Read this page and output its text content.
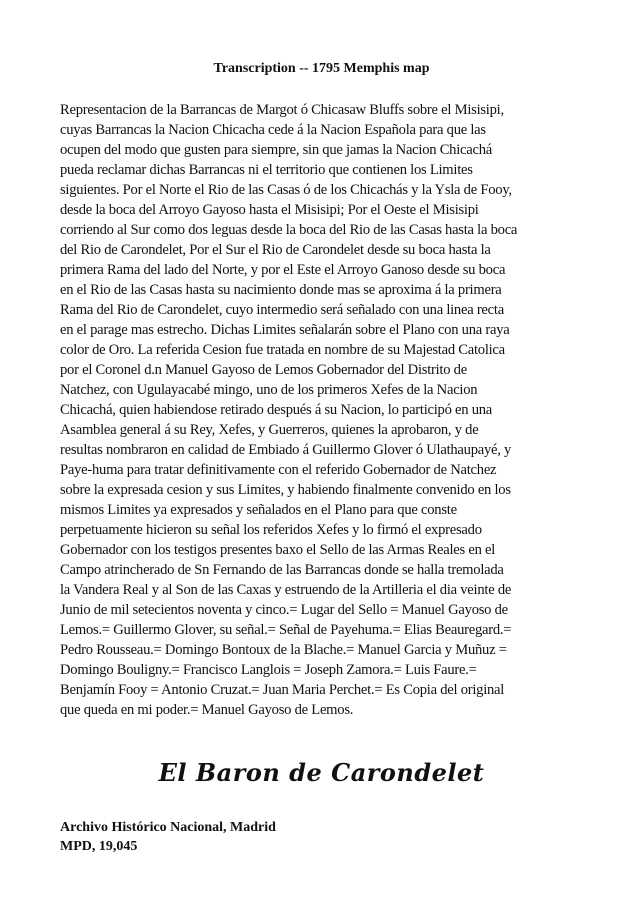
Transcription -- 1795 Memphis map
Representacion de la Barrancas de Margot ó Chicasaw Bluffs sobre el Misisipi,
cuyas Barrancas la Nacion Chicacha cede á la Nacion Española para que las
ocupen del modo que gusten para siempre, sin que jamas la Nacion Chicachá
pueda reclamar dichas Barrancas ni el territorio que contienen los Limites
siguientes. Por el Norte el Rio de las Casas ó de los Chicachás y la Ysla de Fooy,
desde la boca del Arroyo Gayoso hasta el Misisipi; Por el Oeste el Misisipi
corriendo al Sur como dos leguas desde la boca del Rio de las Casas hasta la boca
del Rio de Carondelet, Por el Sur el Rio de Carondelet desde su boca hasta la
primera Rama del lado del Norte, y por el Este el Arroyo Ganoso desde su boca
en el Rio de las Casas hasta su nacimiento donde mas se aproxima á la primera
Rama del Rio de Carondelet, cuyo intermedio será señalado con una linea recta
en el parage mas estrecho. Dichas Limites señalarán sobre el Plano con una raya
color de Oro. La referida Cesion fue tratada en nombre de su Majestad Catolica
por el Coronel d.n Manuel Gayoso de Lemos Gobernador del Distrito de
Natchez, con Ugulayacabé mingo, uno de los primeros Xefes de la Nacion
Chicachá, quien habiendose retirado después á su Nacion, lo participó en una
Asamblea general á su Rey, Xefes, y Guerreros, quienes la aprobaron, y de
resultas nombraron en calidad de Embiado á Guillermo Glover ó Ulathaupayé, y
Paye-huma para tratar definitivamente con el referido Gobernador de Natchez
sobre la expresada cesion y sus Limites, y habiendo finalmente convenido en los
mismos Limites ya expresados y señalados en el Plano para que conste
perpetuamente hicieron su señal los referidos Xefes y lo firmó el expresado
Gobernador con los testigos presentes baxo el Sello de las Armas Reales en el
Campo atrincherado de Sn Fernando de las Barrancas donde se halla tremolada
la Vandera Real y al Son de las Caxas y estruendo de la Artilleria el dia veinte de
Junio de mil setecientos noventa y cinco.= Lugar del Sello = Manuel Gayoso de
Lemos.= Guillermo Glover, su señal.= Señal de Payehuma.= Elias Beauregard.=
Pedro Rousseau.= Domingo Bontoux de la Blache.= Manuel Garcia y Muñuz =
Domingo Bouligny.= Francisco Langlois = Joseph Zamora.= Luis Faure.=
Benjamín Fooy = Antonio Cruzat.= Juan Maria Perchet.= Es Copia del original
que queda en mi poder.= Manuel Gayoso de Lemos.
El Baron de Carondelet
Archivo Histórico Nacional, Madrid
MPD, 19,045
